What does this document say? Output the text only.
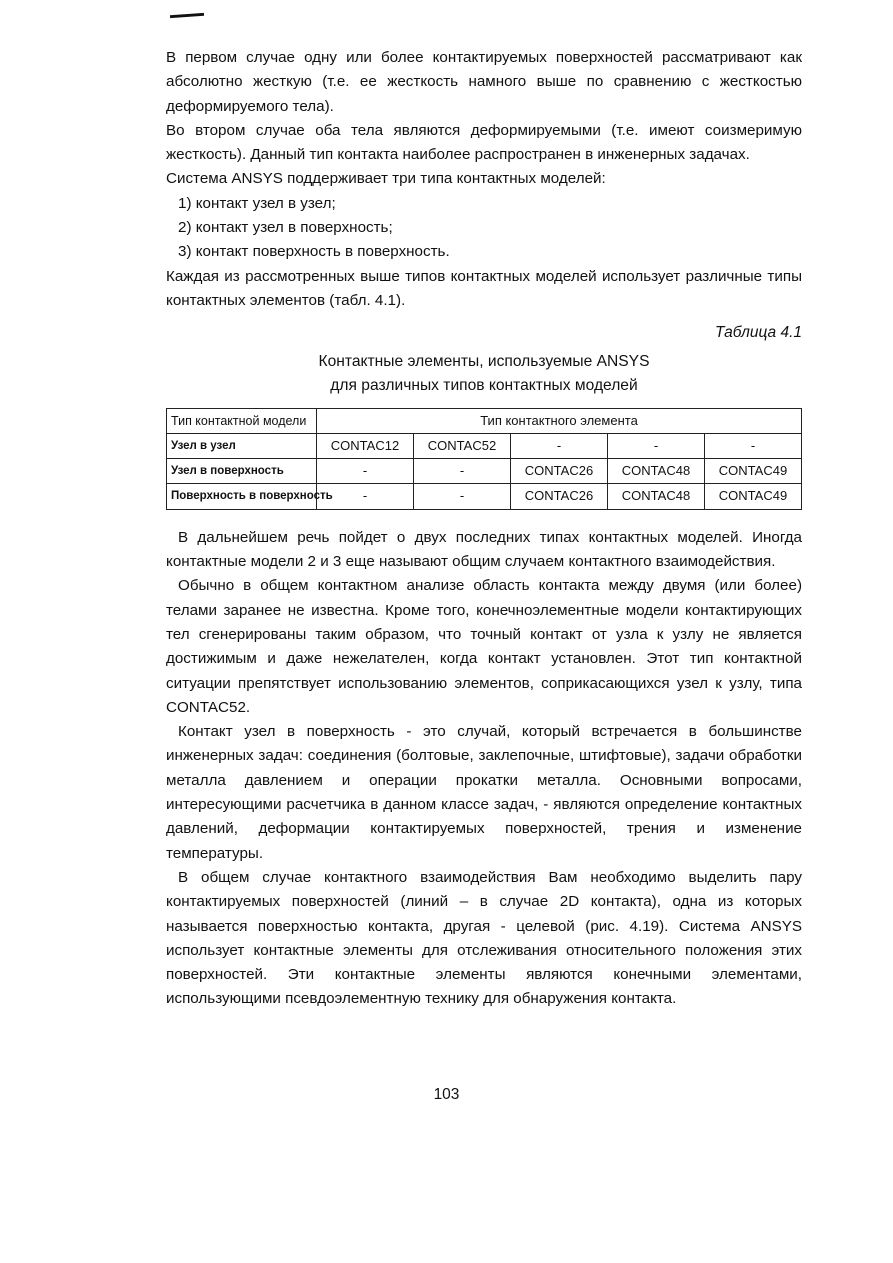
В первом случае одну или более контактируемых поверхностей рассматривают как абсолютно жесткую (т.е. ее жесткость намного выше по сравнению с жесткостью деформируемого тела).

Во втором случае оба тела являются деформируемыми (т.е. имеют соизмеримую жесткость). Данный тип контакта наиболее распространен в инженерных задачах.

Система ANSYS поддерживает три типа контактных моделей:

1) контакт узел в узел;

2) контакт узел в поверхность;

3) контакт поверхность в поверхность.

Каждая из рассмотренных выше типов контактных моделей использует различные типы контактных элементов (табл. 4.1).

Таблица 4.1
Контактные элементы, используемые ANSYS
для различных типов контактных моделей
Тип контактной модели	Тип контактного элемента				
Узел в узел	CONTAC12	CONTAC52	-	-	-
Узел в поверхность	-	-	CONTAC26	CONTAC48	CONTAC49
Поверхность в поверхность	-	-	CONTAC26	CONTAC48	CONTAC49

В дальнейшем речь пойдет о двух последних типах контактных моделей. Иногда контактные модели 2 и 3 еще называют общим случаем контактного взаимодействия.

Обычно в общем контактном анализе область контакта между двумя (или более) телами заранее не известна. Кроме того, конечноэлементные модели контактирующих тел сгенерированы таким образом, что точный контакт от узла к узлу не является достижимым и даже нежелателен, когда контакт установлен. Этот тип контактной ситуации препятствует использованию элементов, соприкасающихся узел к узлу, типа CONTAC52.

Контакт узел в поверхность - это случай, который встречается в большинстве инженерных задач: соединения (болтовые, заклепочные, штифтовые), задачи обработки металла давлением и операции прокатки металла. Основными вопросами, интересующими расчетчика в данном классе задач, - являются определение контактных давлений, деформации контактируемых поверхностей, трения и изменение температуры.

В общем случае контактного взаимодействия Вам необходимо выделить пару контактируемых поверхностей (линий – в случае 2D контакта), одна из которых называется поверхностью контакта, другая - целевой (рис. 4.19). Система ANSYS использует контактные элементы для отслеживания относительного положения этих поверхностей. Эти контактные элементы являются конечными элементами, использующими псевдоэлементную технику для обнаружения контакта.

103
